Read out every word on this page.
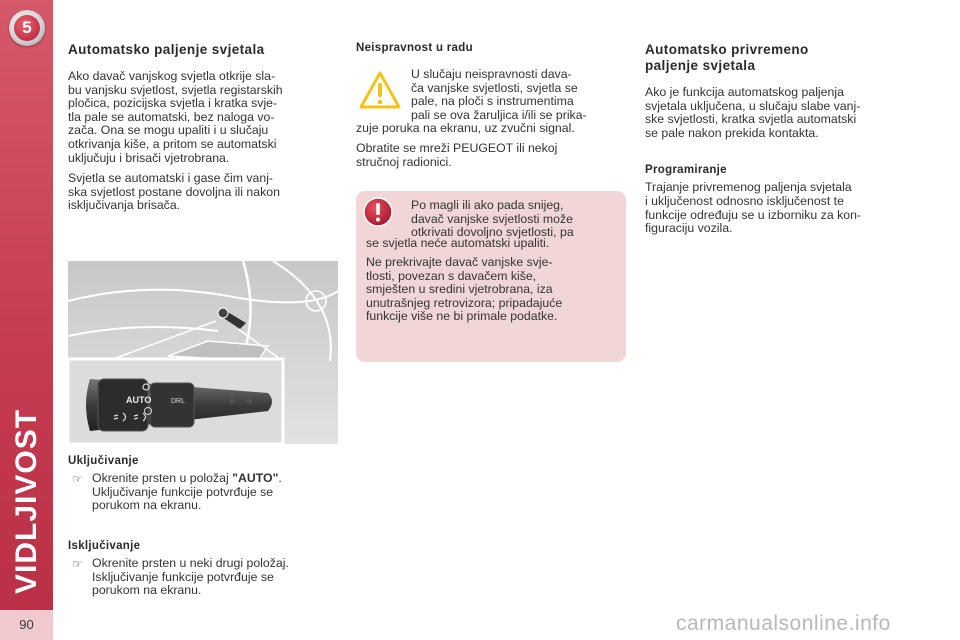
5
VIDLJIVOST
90
Automatsko paljenje svjetala

Ako davač vanjskog svjetla otkrije sla-
bu vanjsku svjetlost, svjetla registarskih
pločica, pozicijska svjetla i kratka svje-
tla pale se automatski, bez naloga vo-
zača. Ona se mogu upaliti i u slučaju
otkrivanja kiše, a pritom se automatski
uključuju i brisači vjetrobrana.

Svjetla se automatski i gase čim vanj-
ska svjetlost postane dovoljna ili nakon
isključivanja brisača.

AUTO	DRL
Uključivanje
☞ Okrenite prsten u položaj "AUTO".
Uključivanje funkcije potvrđuje se
porukom na ekranu.

Isključivanje
☞ Okrenite prsten u neki drugi položaj.
Isključivanje funkcije potvrđuje se
porukom na ekranu.

Neispravnost u radu

U slučaju neispravnosti dava-
ča vanjske svjetlosti, svjetla se
pale, na ploči s instrumentima
pali se ova žaruljica i/ili se prika-

zuje poruka na ekranu, uz zvučni signal.

Obratite se mreži PEUGEOT ili nekoj
stručnoj radionici.

Po magli ili ako pada snijeg,
davač vanjske svjetlosti može
otkrivati dovoljno svjetlosti, pa

se svjetla neće automatski upaliti.

Ne prekrivajte davač vanjske svje-
tlosti, povezan s davačem kiše,
smješten u sredini vjetrobrana, iza
unutrašnjeg retrovizora; pripadajuće
funkcije više ne bi primale podatke.

Automatsko privremeno
paljenje svjetala

Ako je funkcija automatskog paljenja
svjetala uključena, u slučaju slabe vanj-
ske svjetlosti, kratka svjetla automatski
se pale nakon prekida kontakta.

Programiranje

Trajanje privremenog paljenja svjetala
i uključenost odnosno isključenost te
funkcije određuju se u izborniku za kon-
figuraciju vozila.

carmanualsonline.info
